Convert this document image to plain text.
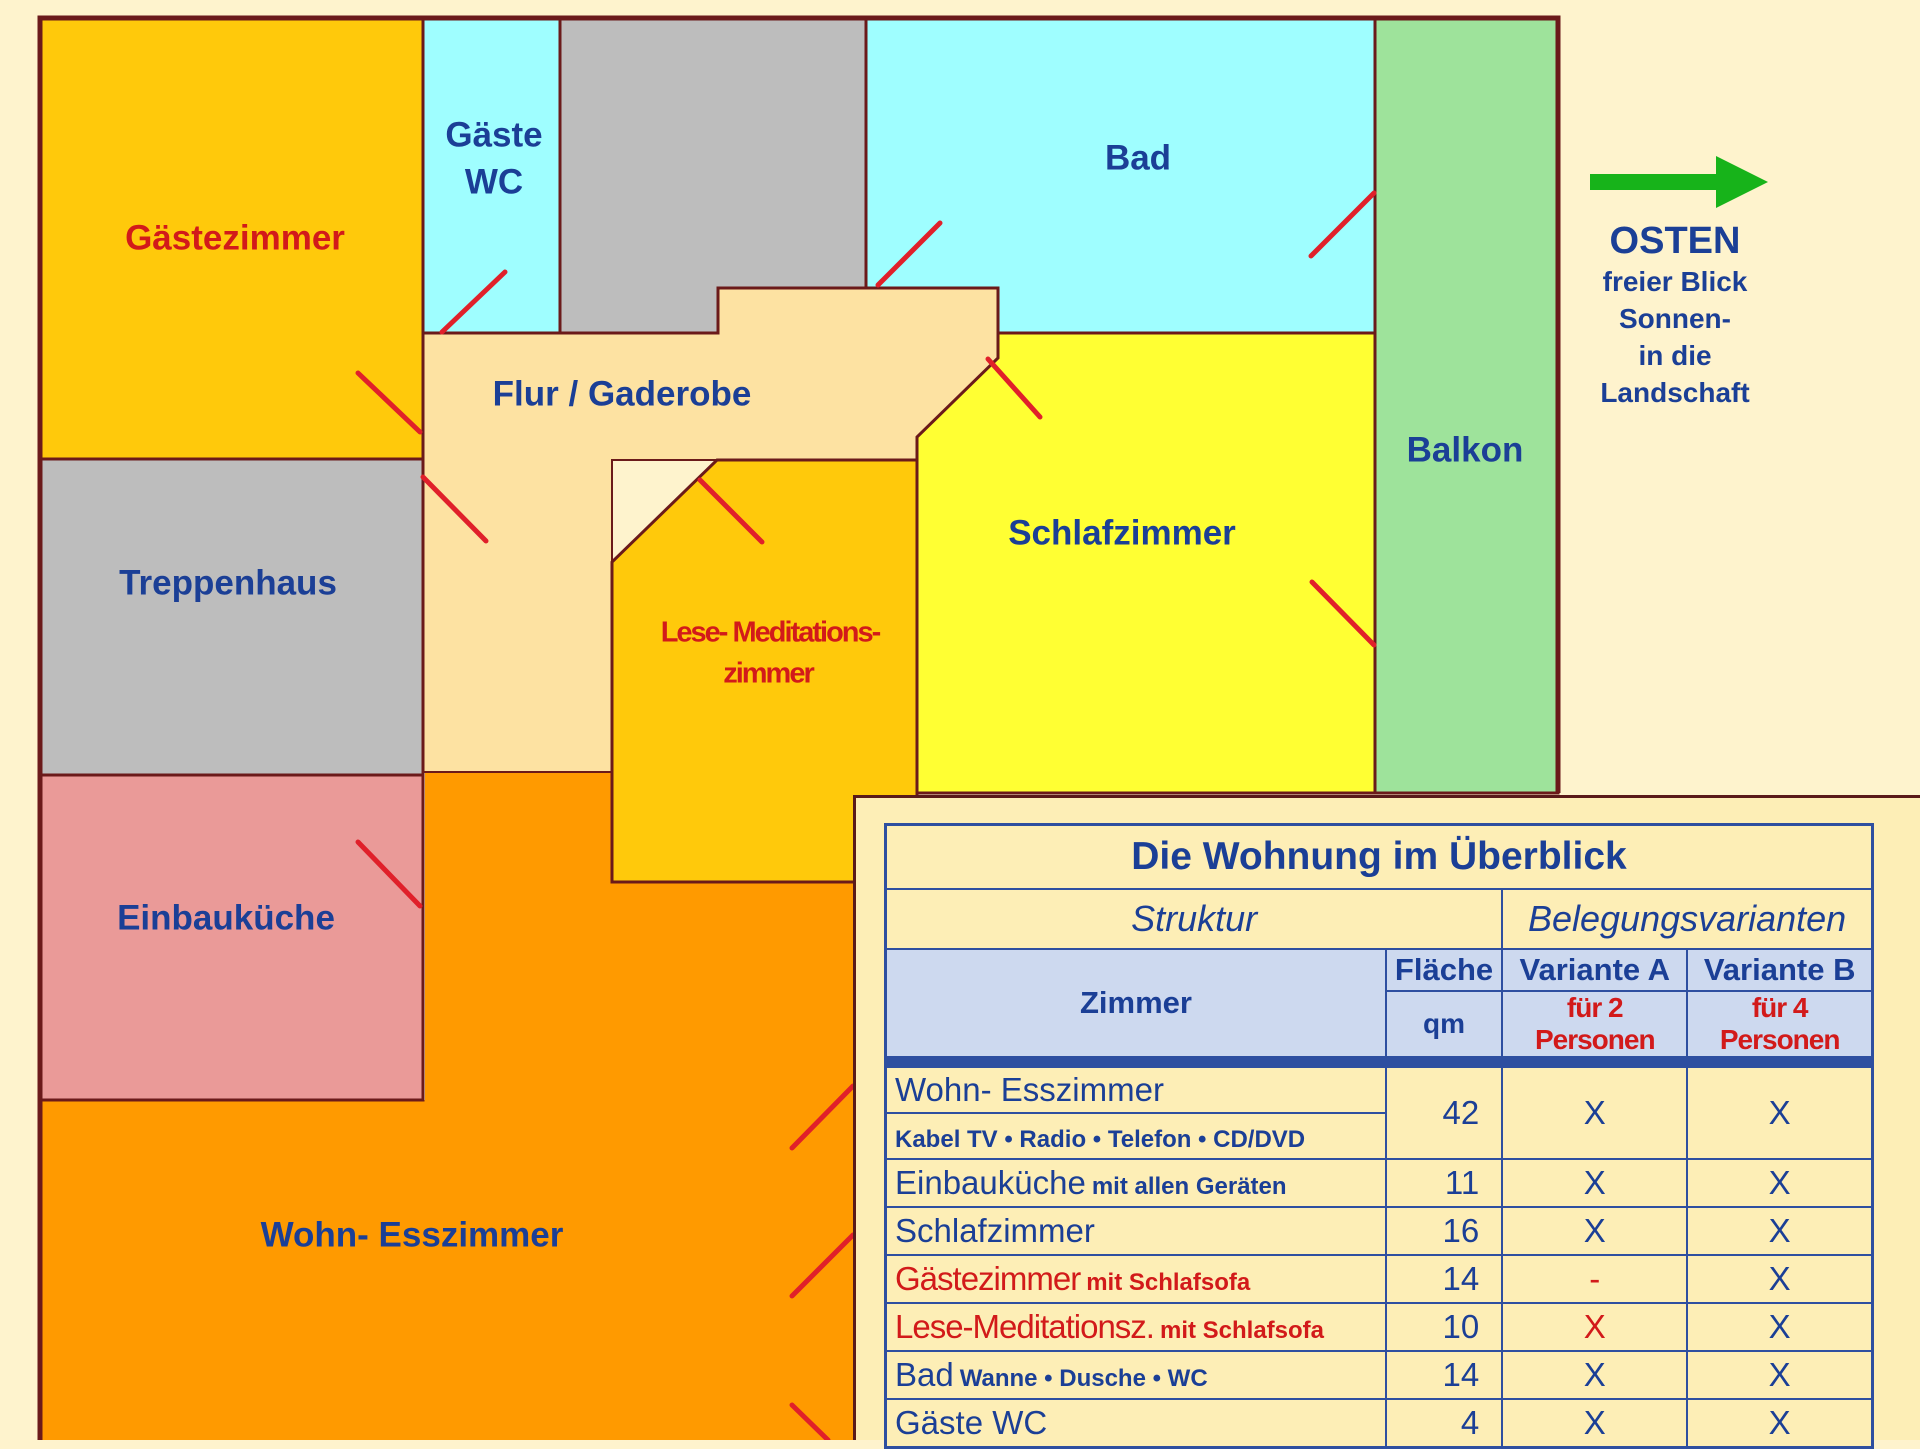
Gästezimmer
Gäste
WC
Bad
Flur / Gaderobe
Balkon
Schlafzimmer
Treppenhaus
Lese- Meditations-
zimmer
Einbauküche
Wohn- Esszimmer
OSTEN
freier Blick
Sonnen-
in die
Landschaft
Die Wohnung im Überblick			
Struktur		Belegungsvarianten	
Zimmer	Fläche	Variante A	Variante B
	qm	für 2 Personen	für 4 Personen

Wohn- Esszimmer	42	X	X
Kabel TV • Radio • Telefon • CD/DVD			
Einbauküche mit allen Geräten	11	X	X
Schlafzimmer	16	X	X
Gästezimmer mit Schlafsofa	14	-	X
Lese-Meditationsz. mit Schlafsofa	10	X	X
Bad Wanne • Dusche • WC	14	X	X
Gäste WC	4	X	X
